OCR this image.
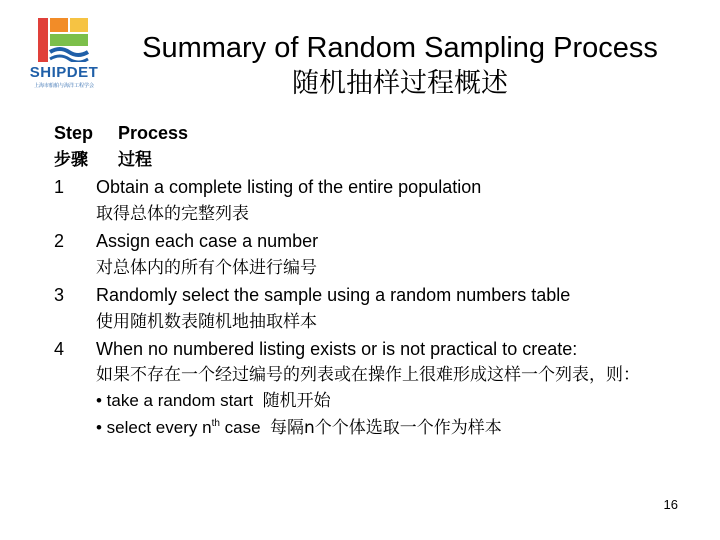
SHIPDET
上海市船舶与海洋工程学会
Summary of Random Sampling Process
随机抽样过程概述
Step	Process
步骤	过程
1	Obtain a complete listing of the entire population
取得总体的完整列表
2	Assign each case a number
对总体内的所有个体进行编号
3	Randomly select the sample using a random numbers table
使用随机数表随机地抽取样本
4	When no numbered listing exists or is not practical to create:
如果不存在一个经过编号的列表或在操作上很难形成这样一个列表，则：
• take a random start 随机开始
• select every $n^{th}$ case 每隔n个个体选取一个作为样本
16
